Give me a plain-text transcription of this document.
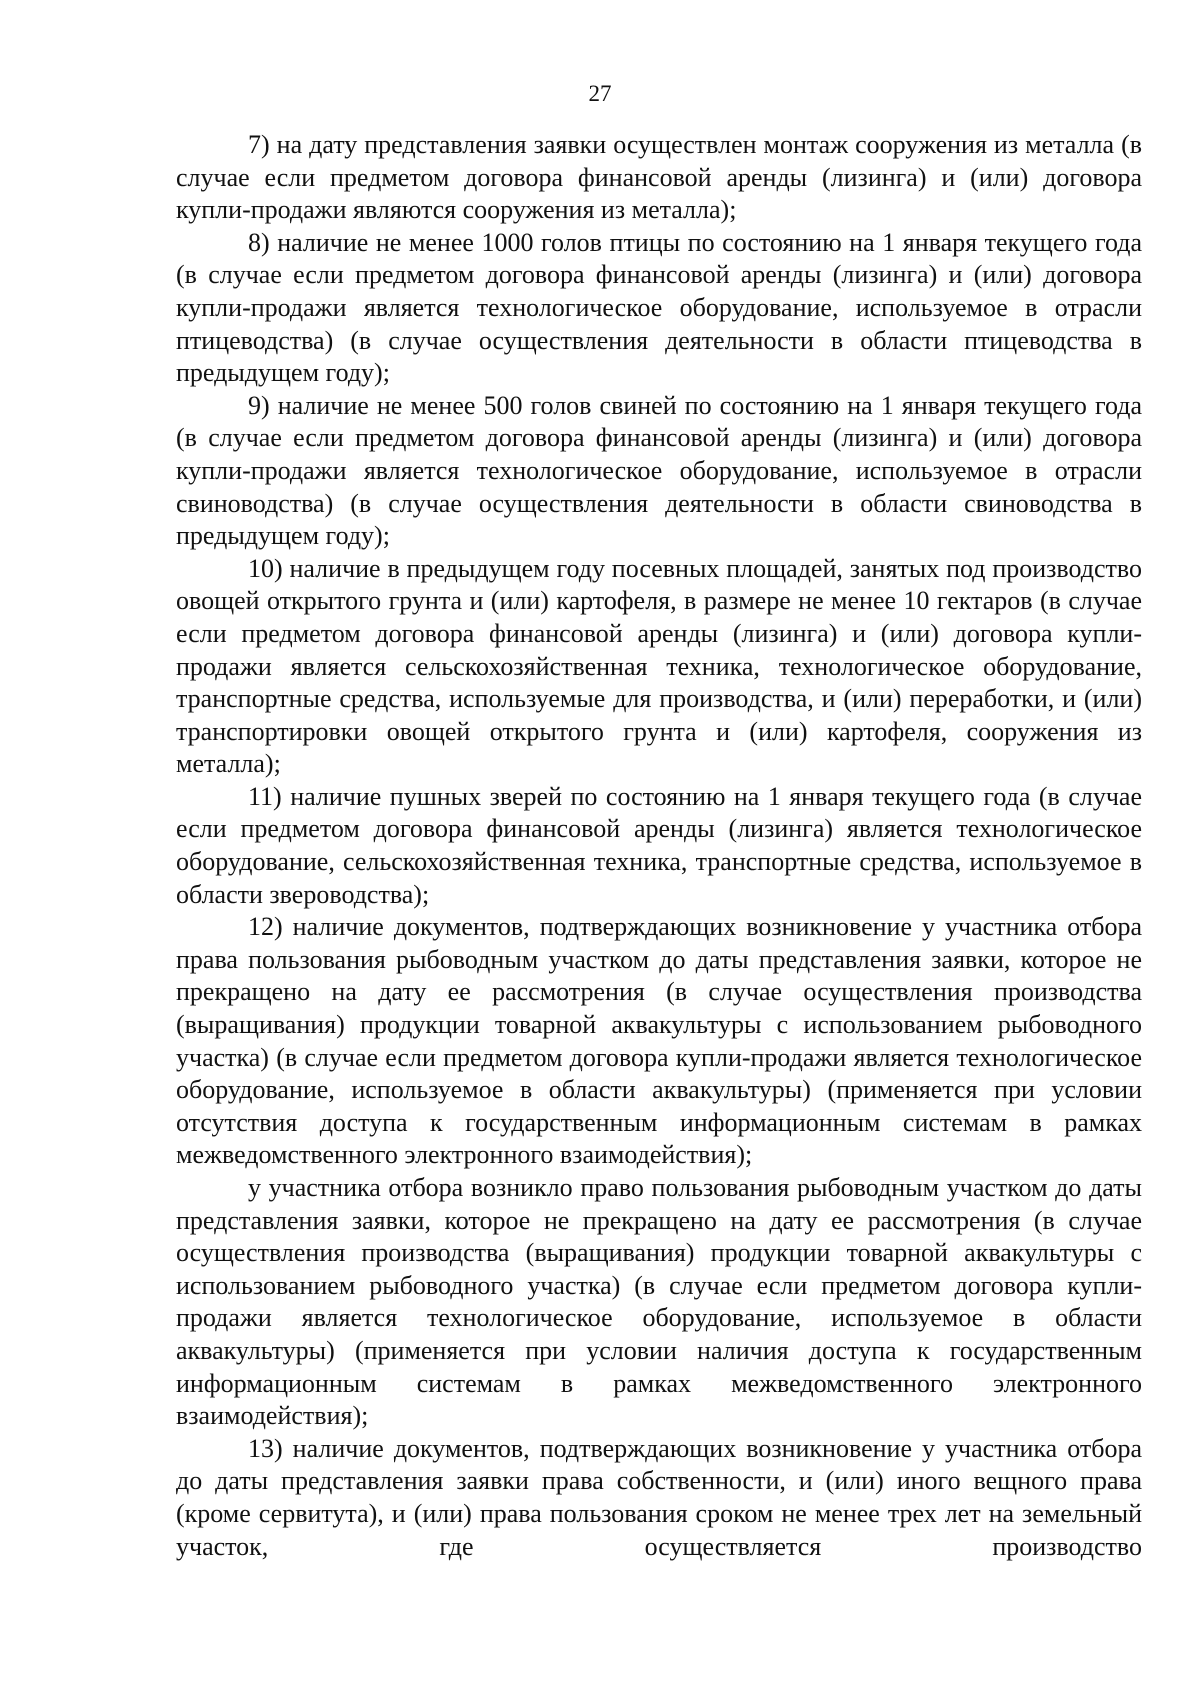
27

7) на дату представления заявки осуществлен монтаж сооружения из металла (в случае если предметом договора финансовой аренды (лизинга) и (или) договора купли-продажи являются сооружения из металла);

8) наличие не менее 1000 голов птицы по состоянию на 1 января текущего года (в случае если предметом договора финансовой аренды (лизинга) и (или) договора купли-продажи является технологическое оборудование, используемое в отрасли птицеводства) (в случае осуществления деятельности в области птицеводства в предыдущем году);

9) наличие не менее 500 голов свиней по состоянию на 1 января текущего года (в случае если предметом договора финансовой аренды (лизинга) и (или) договора купли-продажи является технологическое оборудование, используемое в отрасли свиноводства) (в случае осуществления деятельности в области свиноводства в предыдущем году);

10) наличие в предыдущем году посевных площадей, занятых под производство овощей открытого грунта и (или) картофеля, в размере не менее 10 гектаров (в случае если предметом договора финансовой аренды (лизинга) и (или) договора купли-продажи является сельскохозяйственная техника, технологическое оборудование, транспортные средства, используемые для производства, и (или) переработки, и (или) транспортировки овощей открытого грунта и (или) картофеля, сооружения из металла);

11) наличие пушных зверей по состоянию на 1 января текущего года (в случае если предметом договора финансовой аренды (лизинга) является технологическое оборудование, сельскохозяйственная техника, транспортные средства, используемое в области звероводства);

12) наличие документов, подтверждающих возникновение у участника отбора права пользования рыбоводным участком до даты представления заявки, которое не прекращено на дату ее рассмотрения (в случае осуществления производства (выращивания) продукции товарной аквакультуры с использованием рыбоводного участка) (в случае если предметом договора купли-продажи является технологическое оборудование, используемое в области аквакультуры) (применяется при условии отсутствия доступа к государственным информационным системам в рамках межведомственного электронного взаимодействия);

у участника отбора возникло право пользования рыбоводным участком до даты представления заявки, которое не прекращено на дату ее рассмотрения (в случае осуществления производства (выращивания) продукции товарной аквакультуры с использованием рыбоводного участка) (в случае если предметом договора купли-продажи является технологическое оборудование, используемое в области аквакультуры) (применяется при условии наличия доступа к государственным информационным системам в рамках межведомственного электронного взаимодействия);

13) наличие документов, подтверждающих возникновение у участника отбора до даты представления заявки права собственности, и (или) иного вещного права (кроме сервитута), и (или) права пользования сроком не менее трех лет на земельный участок, где осуществляется производство
